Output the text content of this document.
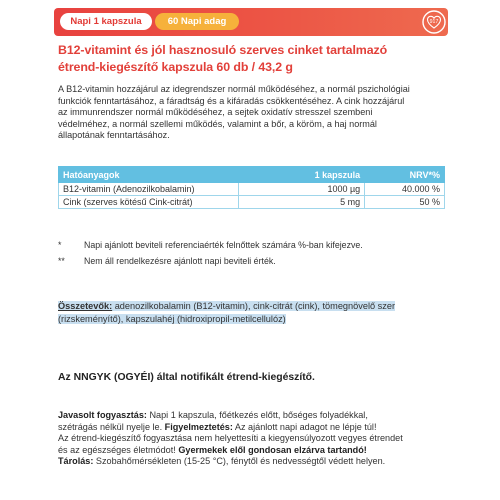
Napi 1 kapszula	60 Napi adag	917
B12-vitamint és jól hasznosuló szerves cinket tartalmazó
étrend-kiegészítő kapszula 60 db / 43,2 g
A B12-vitamin hozzájárul az idegrendszer normál működéséhez, a normál pszichológiai
funkciók fenntartásához, a fáradtság és a kifáradás csökkentéséhez. A cink hozzájárul
az immunrendszer normál működéséhez, a sejtek oxidatív stresszel szembeni
védelméhez, a normál szellemi működés, valamint a bőr, a köröm, a haj normál
állapotának fenntartásához.
Hatóanyagok	1 kapszula	NRV*%
B12-vitamin (Adenozilkobalamin)	1000 µg	40.000 %
Cink (szerves kötésű Cink-citrát)	5 mg	50 %
*	Napi ajánlott beviteli referenciaérték felnőttek számára %-ban kifejezve.
** Nem áll rendelkezésre ajánlott napi beviteli érték.
Összetevők: adenozilkobalamin (B12-vitamin), cink-citrát (cink), tömegnövelő szer
(rizskeményítő), kapszulahéj (hidroxipropil-metilcellulóz)
Az NNGYK (OGYÉI) által notifikált étrend-kiegészítő.
Javasolt fogyasztás: Napi 1 kapszula, főétkezés előtt, bőséges folyadékkal,
szétrágás nélkül nyelje le. Figyelmeztetés: Az ajánlott napi adagot ne lépje túl!
Az étrend-kiegészítő fogyasztása nem helyettesíti a kiegyensúlyozott vegyes étrendet
és az egészséges életmódot! Gyermekek elől gondosan elzárva tartandó!
Tárolás: Szobahőmérsékleten (15-25 °C), fénytől és nedvességtől védett helyen.
